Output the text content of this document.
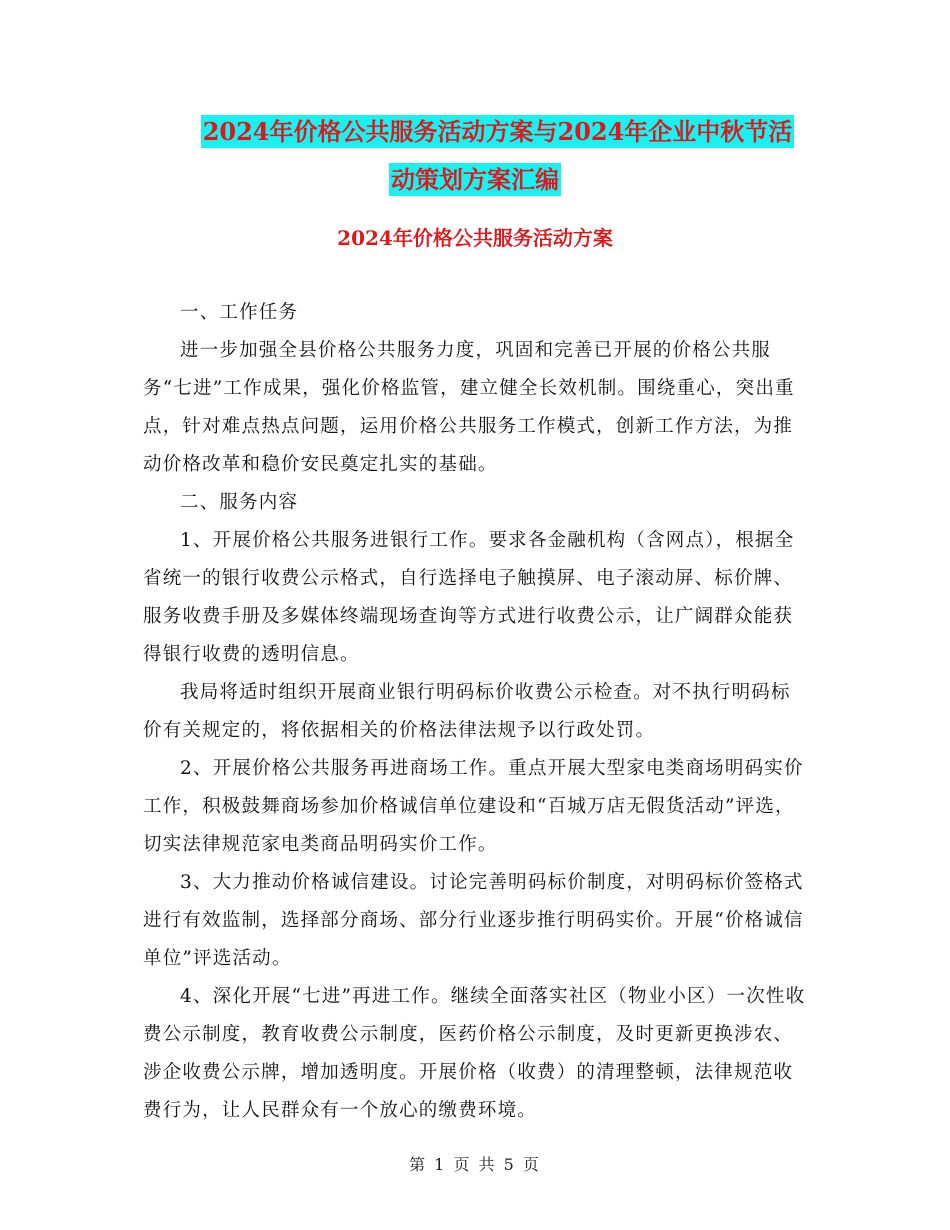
2024年价格公共服务活动方案与2024年企业中秋节活
动策划方案汇编
2024年价格公共服务活动方案

一、工作任务

进一步加强全县价格公共服务力度，巩固和完善已开展的价格公共服务“七进”工作成果，强化价格监管，建立健全长效机制。围绕重心，突出重点，针对难点热点问题，运用价格公共服务工作模式，创新工作方法，为推动价格改革和稳价安民奠定扎实的基础。

二、服务内容

1、开展价格公共服务进银行工作。要求各金融机构（含网点），根据全省统一的银行收费公示格式，自行选择电子触摸屏、电子滚动屏、标价牌、服务收费手册及多媒体终端现场查询等方式进行收费公示，让广阔群众能获得银行收费的透明信息。

我局将适时组织开展商业银行明码标价收费公示检查。对不执行明码标价有关规定的，将依据相关的价格法律法规予以行政处罚。

2、开展价格公共服务再进商场工作。重点开展大型家电类商场明码实价工作，积极鼓舞商场参加价格诚信单位建设和“百城万店无假货活动”评选，切实法律规范家电类商品明码实价工作。

3、大力推动价格诚信建设。讨论完善明码标价制度，对明码标价签格式进行有效监制，选择部分商场、部分行业逐步推行明码实价。开展“价格诚信单位”评选活动。

4、深化开展“七进”再进工作。继续全面落实社区（物业小区）一次性收费公示制度，教育收费公示制度，医药价格公示制度，及时更新更换涉农、涉企收费公示牌，增加透明度。开展价格（收费）的清理整顿，法律规范收费行为，让人民群众有一个放心的缴费环境。

第 1 页 共 5 页
